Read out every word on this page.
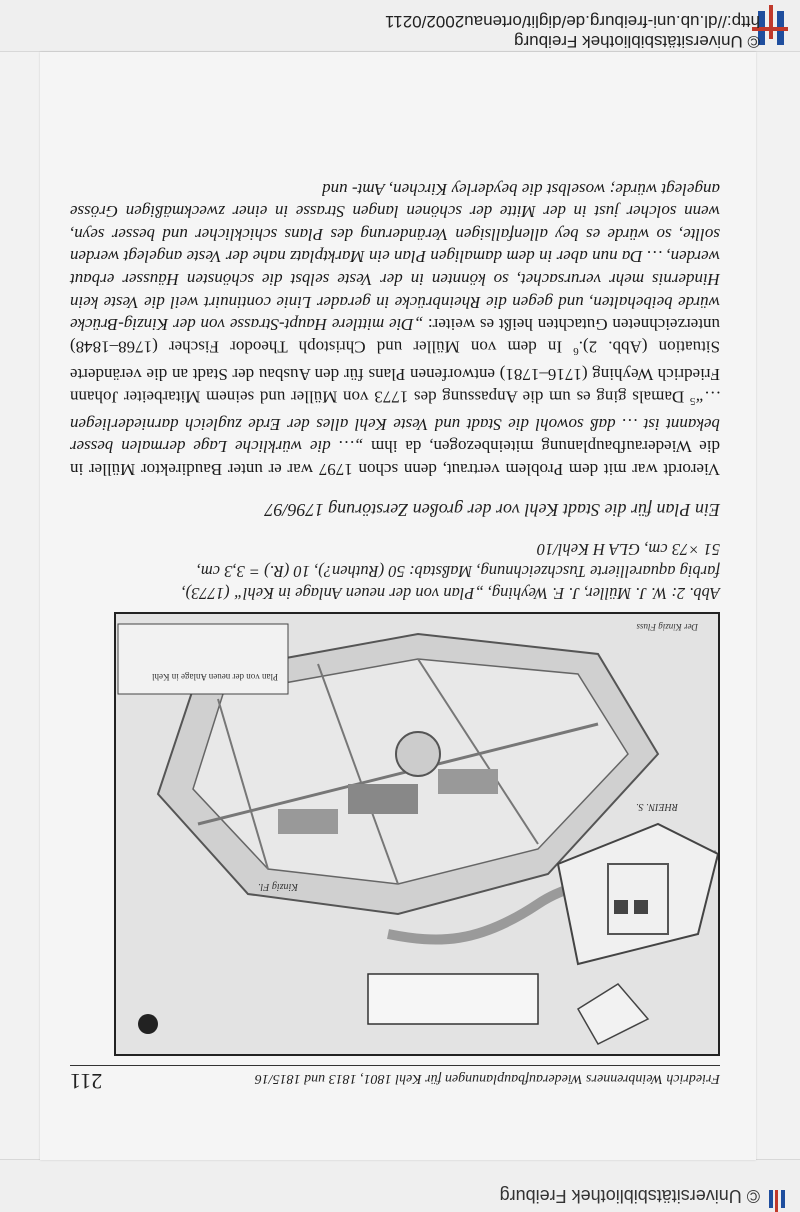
© Universitätsbibliothek Freiburg
© Universitätsbibliothek Freiburg
http://dl.ub.uni-freiburg.de/diglit/ortenau2002/0211
Friedrich Weinbrenners Wiederaufbauplanungen für Kehl 1801, 1813 und 1815/16
211
Plan von der neuen Anlage in Kehl
Kinzig Fl.
RHEIN. S.
Der Kinzig Fluss

Abb. 2: W. J. Müller, J. F. Weyhing, „Plan von der neuen Anlage in Kehl“ (1773),

farbig aquarellierte Tuschzeichnung, Maßstab: 50 (Ruthen?), 10 (R.) = 3,3 cm,

51 ×73 cm, GLA H Kehl/10

Ein Plan für die Stadt Kehl vor der großen Zerstörung 1796/97

Vierordt war mit dem Problem vertraut, denn schon 1797 war er unter Baudirektor Müller in die Wiederaufbauplanung miteinbezogen, da ihm „… die würkliche Lage dermalen besser bekannt ist … daß sowohl die Stadt und Veste Kehl alles der Erde zugleich darniederliegen …“$^5$ Damals ging es um die Anpassung des 1773 von Müller und seinem Mitarbeiter Johann Friedrich Weyhing (1716–1781) entworfenen Plans für den Ausbau der Stadt an die veränderte Situation (Abb. 2).$^6$ In dem von Müller und Christoph Theodor Fischer (1768–1848) unterzeichneten Gutachten heißt es weiter: „Die mittlere Haupt-Strasse von der Kinzig-Brücke würde beibehalten, und gegen die Rheinbrücke in gerader Linie continuirt weil die Veste kein Hindernis mehr verursachet, so könnten in der Veste selbst die schönsten Häusser erbaut werden, … Da nun aber in dem damaligen Plan ein Marktplatz nahe der Veste angelegt werden sollte, so würde es bey allenfallsigen Veränderung des Plans schicklicher und besser seyn, wenn solcher just in der Mitte der schönen langen Strasse in einer zweckmäßigen Grösse angelegt würde; woselbst die beyderley Kirchen, Amt- und
